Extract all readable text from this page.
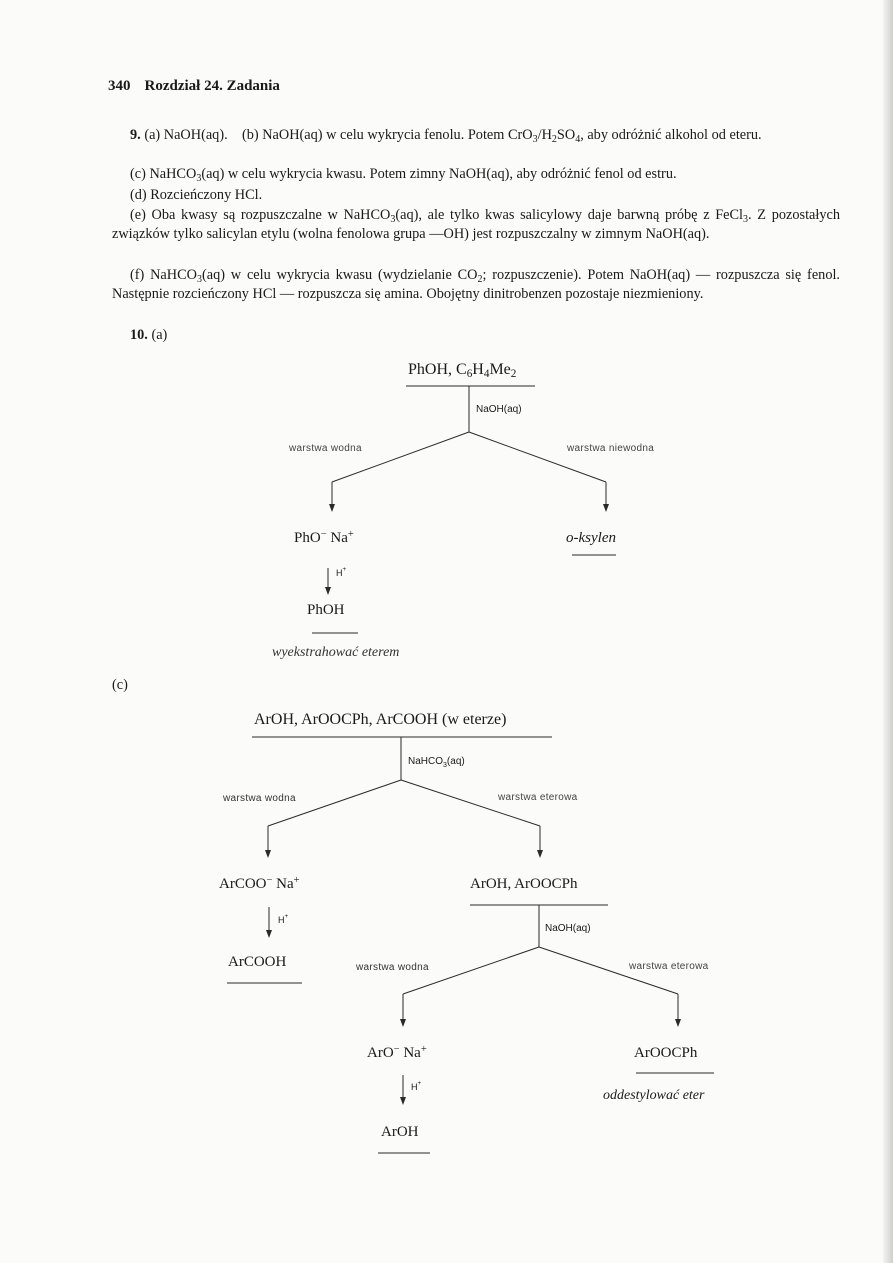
340 Rozdział 24. Zadania

9. (a) NaOH(aq). (b) NaOH(aq) w celu wykrycia fenolu. Potem $CrO_3/H_2SO_4$, aby odróżnić alkohol od eteru.

(c) NaHCO$_3$(aq) w celu wykrycia kwasu. Potem zimny NaOH(aq), aby odróżnić fenol od estru.

(d) Rozcieńczony HCl.

(e) Oba kwasy są rozpuszczalne w NaHCO$_3$(aq), ale tylko kwas salicylowy daje barwną próbę z FeCl$_3$. Z pozostałych związków tylko salicylan etylu (wolna fenolowa grupa —OH) jest rozpuszczalny w zimnym NaOH(aq).

(f) NaHCO$_3$(aq) w celu wykrycia kwasu (wydzielanie $CO_2$; rozpuszczenie). Potem NaOH(aq) — rozpuszcza się fenol. Następnie rozcieńczony HCl — rozpuszcza się amina. Obojętny dinitrobenzen pozostaje niezmieniony.

10. (a)
PhOH, $C_6H_4Me_2$
NaOH(aq)
warstwa wodna	warstwa niewodna
PhO− Na+	o-ksylen
H+
PhOH
wyekstrahować eterem
(c)
ArOH, ArOOCPh, ArCOOH (w eterze)
NaHCO$_3$(aq)
warstwa wodna	warstwa eterowa
ArCOO− Na+	ArOH, ArOOCPh
H+
ArCOOH
NaOH(aq)
warstwa wodna	warstwa eterowa
ArO− Na+	ArOOCPh
H+
oddestylować eter
ArOH
